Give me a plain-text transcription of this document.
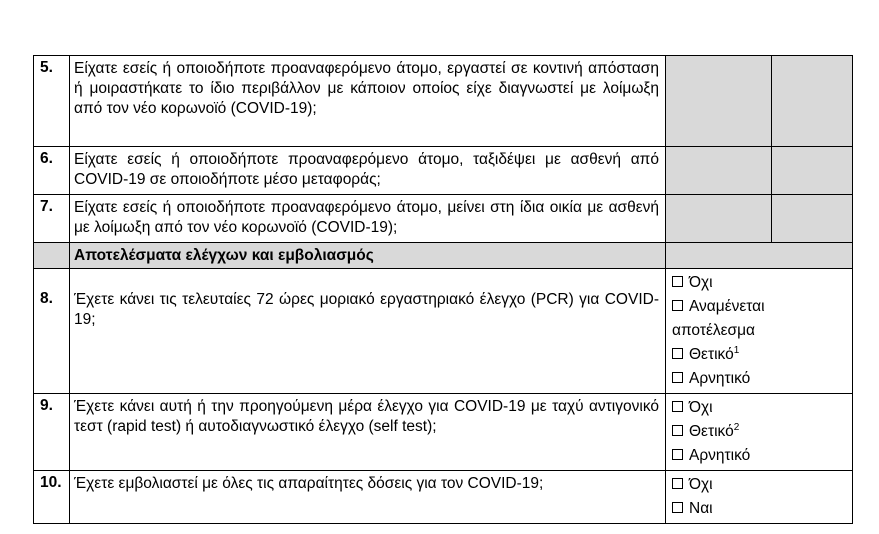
5.	Είχατε εσείς ή οποιοδήποτε προαναφερόμενο άτομο, εργαστεί σε κοντινή απόσταση ή μοιραστήκατε το ίδιο περιβάλλον με κάποιον οποίος είχε διαγνωστεί με λοίμωξη από τον νέο κορωνοϊό (COVID-19);		
6.	Είχατε εσείς ή οποιοδήποτε προαναφερόμενο άτομο, ταξιδέψει με ασθενή από COVID-19 σε οποιοδήποτε μέσο μεταφοράς;		
7.	Είχατε εσείς ή οποιοδήποτε προαναφερόμενο άτομο, μείνει στη ίδια οικία με ασθενή με λοίμωξη από τον νέο κορωνοϊό (COVID-19);		
	Αποτελέσματα ελέγχων και εμβολιασμός		
8.	Έχετε κάνει τις τελευταίες 72 ώρες μοριακό εργαστηριακό έλεγχο (PCR) για COVID-19;	Όχι
Αναμένεται
αποτέλεσμα
Θετικό$^1$
Αρνητικό	

9.	Έχετε κάνει αυτή ή την προηγούμενη μέρα έλεγχο για COVID-19 με ταχύ αντιγονικό τεστ (rapid test) ή αυτοδιαγνωστικό έλεγχο (self test);	Όχι
Θετικό$^2$
Αρνητικό	

10.	Έχετε εμβολιαστεί με όλες τις απαραίτητες δόσεις για τον COVID-19;	Όχι
Ναι	
